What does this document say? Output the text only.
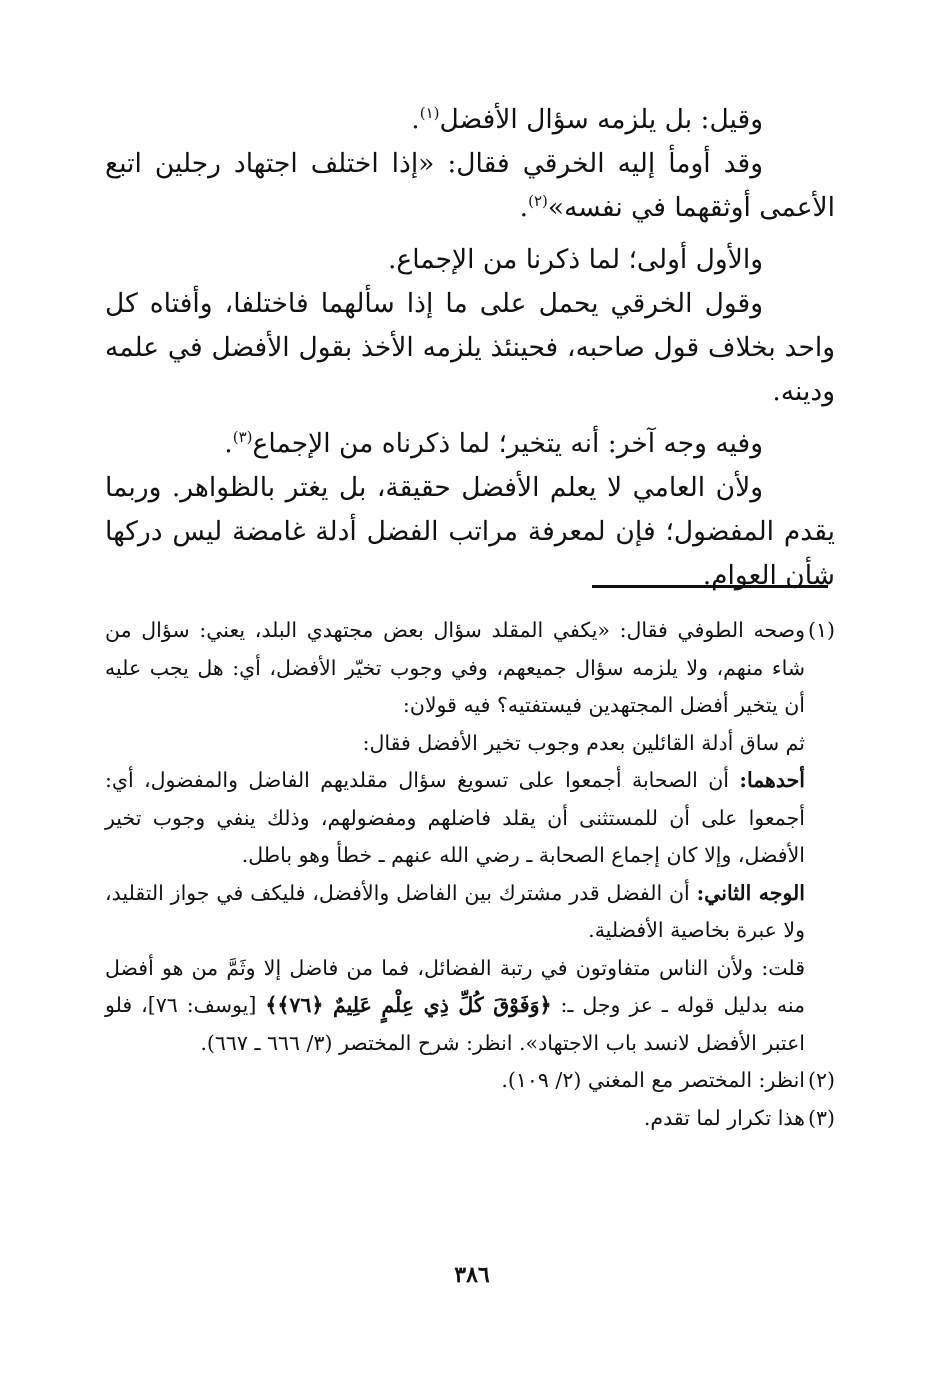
وقيل: بل يلزمه سؤال الأفضل$^{(١)}$.

وقد أومأ إليه الخرقي فقال: «إذا اختلف اجتهاد رجلين اتبع الأعمى أوثقهما في نفسه»$^{(٢)}$.

والأول أولى؛ لما ذكرنا من الإجماع.

وقول الخرقي يحمل على ما إذا سألهما فاختلفا، وأفتاه كل واحد بخلاف قول صاحبه، فحينئذ يلزمه الأخذ بقول الأفضل في علمه ودينه.

وفيه وجه آخر: أنه يتخير؛ لما ذكرناه من الإجماع$^{(٣)}$.

ولأن العامي لا يعلم الأفضل حقيقة، بل يغتر بالظواهر. وربما يقدم المفضول؛ فإن لمعرفة مراتب الفضل أدلة غامضة ليس دركها شأن العوام.

(١)وصحه الطوفي فقال: «يكفي المقلد سؤال بعض مجتهدي البلد، يعني: سؤال من شاء منهم، ولا يلزمه سؤال جميعهم، وفي وجوب تخيّر الأفضل، أي: هل يجب عليه أن يتخير أفضل المجتهدين فيستفتيه؟ فيه قولان:

ثم ساق أدلة القائلين بعدم وجوب تخير الأفضل فقال:

أحدهما: أن الصحابة أجمعوا على تسويغ سؤال مقلديهم الفاضل والمفضول، أي: أجمعوا على أن للمستثنى أن يقلد فاضلهم ومفضولهم، وذلك ينفي وجوب تخير الأفضل، وإلا كان إجماع الصحابة ـ رضي الله عنهم ـ خطأ وهو باطل.

الوجه الثاني: أن الفضل قدر مشترك بين الفاضل والأفضل، فليكف في جواز التقليد، ولا عبرة بخاصية الأفضلية.

قلت: ولأن الناس متفاوتون في رتبة الفضائل، فما من فاضل إلا وثَمَّ من هو أفضل منه بدليل قوله ـ عز وجل ـ: ﴿وَفَوْقَ كُلِّ ذِي عِلْمٍ عَلِيمٌ ﴿٧٦﴾﴾ [يوسف: ٧٦]، فلو اعتبر الأفضل لانسد باب الاجتهاد». انظر: شرح المختصر (٣/ ٦٦٦ ـ ٦٦٧).

(٢)انظر: المختصر مع المغني (٢/ ١٠٩).

(٣)هذا تكرار لما تقدم.

٣٨٦
